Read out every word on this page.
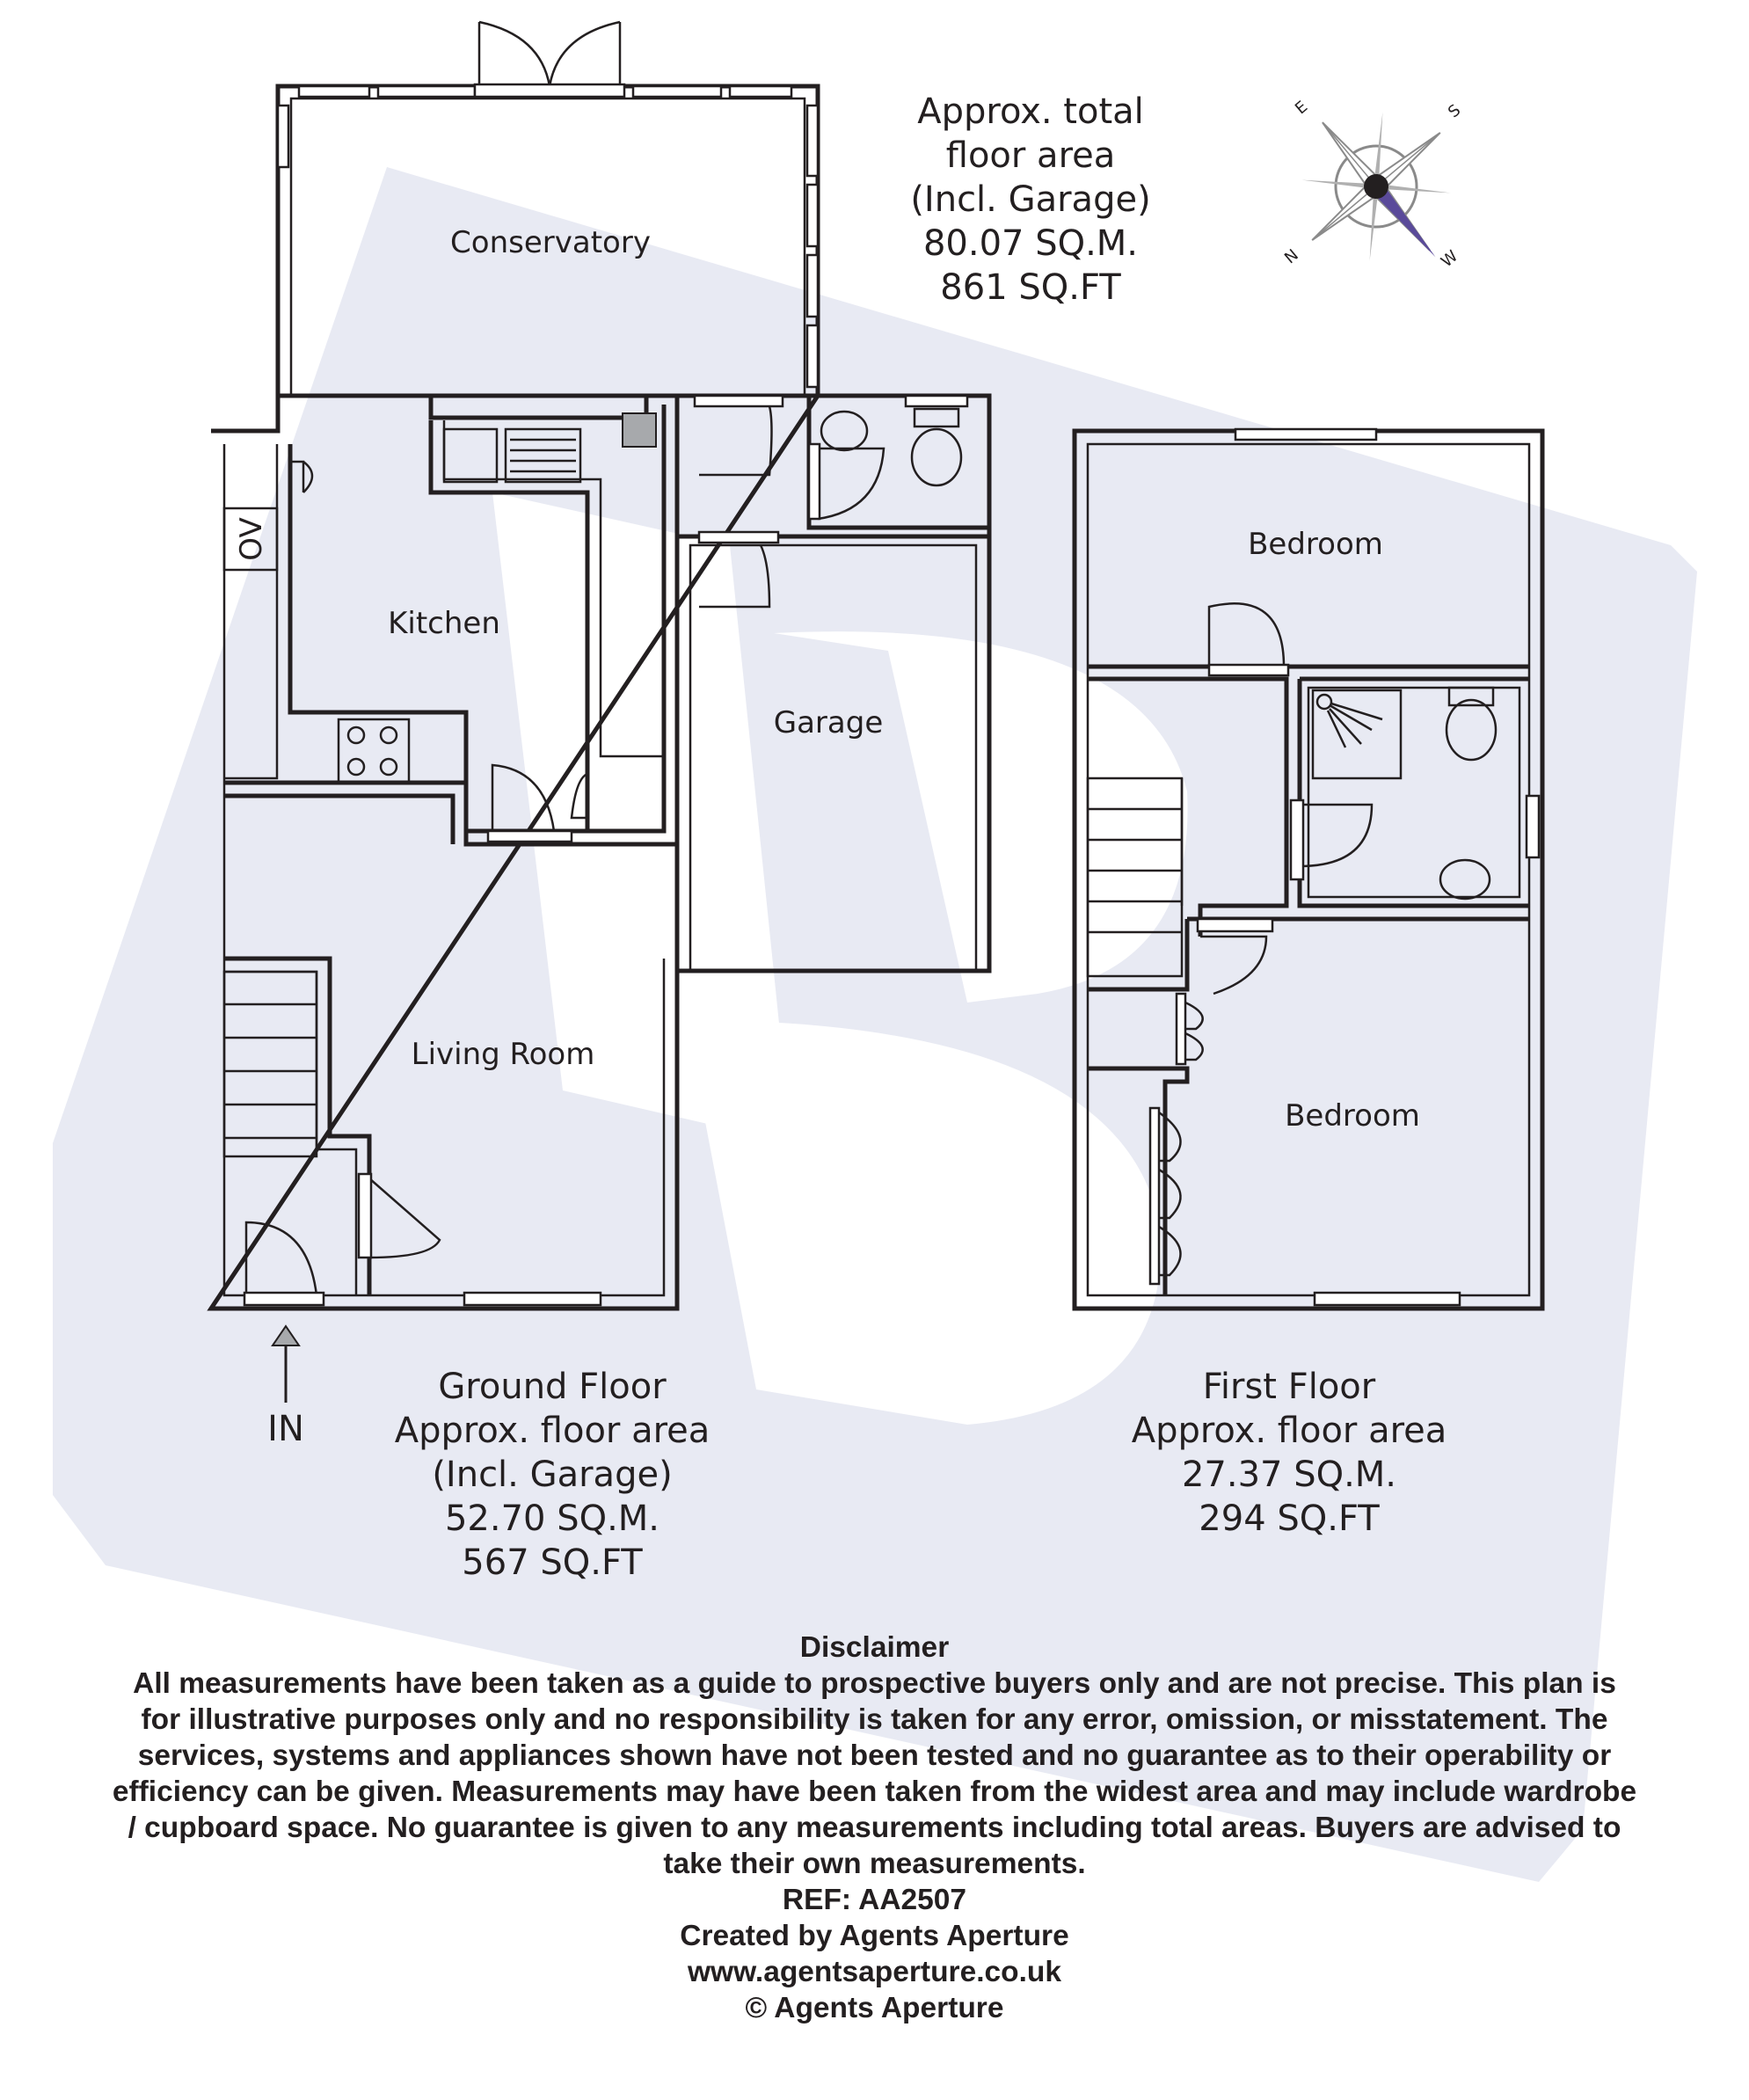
N
S
E
W
Conservatory
Kitchen
Garage
Living Room
OV	Bedroom
Bedroom
IN
Approx. total
floor area
(Incl. Garage)
80.07 SQ.M.
861 SQ.FT
Ground Floor
Approx. floor area
(Incl. Garage)
52.70 SQ.M.
567 SQ.FT
First Floor
Approx. floor area
27.37 SQ.M.
294 SQ.FT
Disclaimer
All measurements have been taken as a guide to prospective buyers only and are not precise. This plan is
for illustrative purposes only and no responsibility is taken for any error, omission, or misstatement. The
services, systems and appliances shown have not been tested and no guarantee as to their operability or
efficiency can be given. Measurements may have been taken from the widest area and may include wardrobe
/ cupboard space. No guarantee is given to any measurements including total areas. Buyers are advised to
take their own measurements.
REF: AA2507
Created by Agents Aperture
www.agentsaperture.co.uk
© Agents Aperture
